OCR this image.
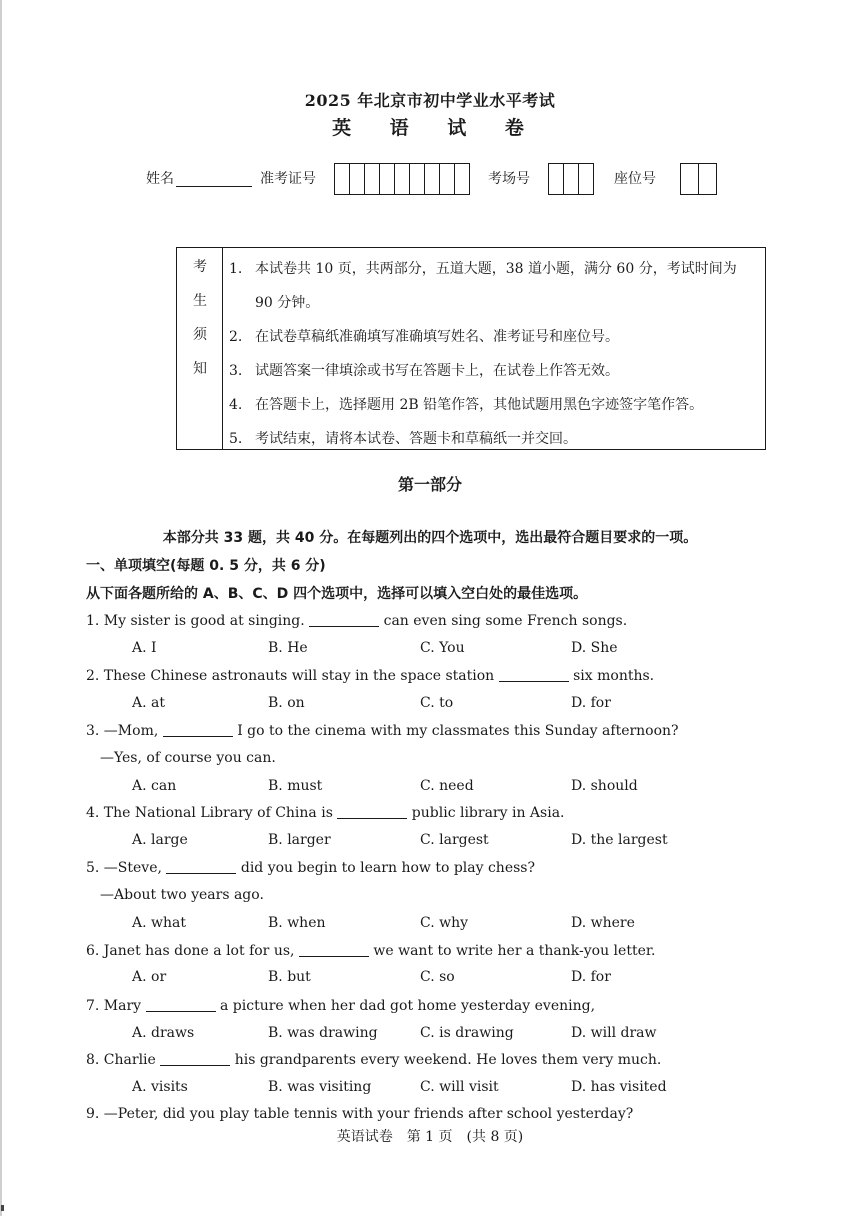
2025 年北京市初中学业水平考试
英 语 试 卷
姓名	准考证号	考场号	座位号
考
生
须
知
1. 本试卷共 10 页，共两部分，五道大题，38 道小题，满分 60 分，考试时间为
90 分钟。
2. 在试卷草稿纸准确填写准确填写姓名、准考证号和座位号。
3. 试题答案一律填涂或书写在答题卡上，在试卷上作答无效。
4. 在答题卡上，选择题用 2B 铅笔作答，其他试题用黑色字迹签字笔作答。
5. 考试结束，请将本试卷、答题卡和草稿纸一并交回。
第一部分
本部分共 33 题，共 40 分。在每题列出的四个选项中，选出最符合题目要求的一项。
一、单项填空(每题 0. 5 分，共 6 分)
从下面各题所给的 A、B、C、D 四个选项中，选择可以填入空白处的最佳选项。
1. My sister is good at singing.	can even sing some French songs.
A. I	B. He	C. You	D. She
2. These Chinese astronauts will stay in the space station	six months.
A. at	B. on	C. to	D. for
3. —Mom,	I go to the cinema with my classmates this Sunday afternoon?
—Yes, of course you can.
A. can	B. must	C. need	D. should
4. The National Library of China is	public library in Asia.
A. large	B. larger	C. largest	D. the largest
5. —Steve,	did you begin to learn how to play chess?
—About two years ago.
A. what	B. when	C. why	D. where
6. Janet has done a lot for us,	we want to write her a thank-you letter.
A. or	B. but	C. so	D. for
7. Mary	a picture when her dad got home yesterday evening,
A. draws	B. was drawing	C. is drawing	D. will draw
8. Charlie	his grandparents every weekend. He loves them very much.
A. visits	B. was visiting	C. will visit	D. has visited
9. —Peter, did you play table tennis with your friends after school yesterday?
英语试卷　第 1 页　(共 8 页)
